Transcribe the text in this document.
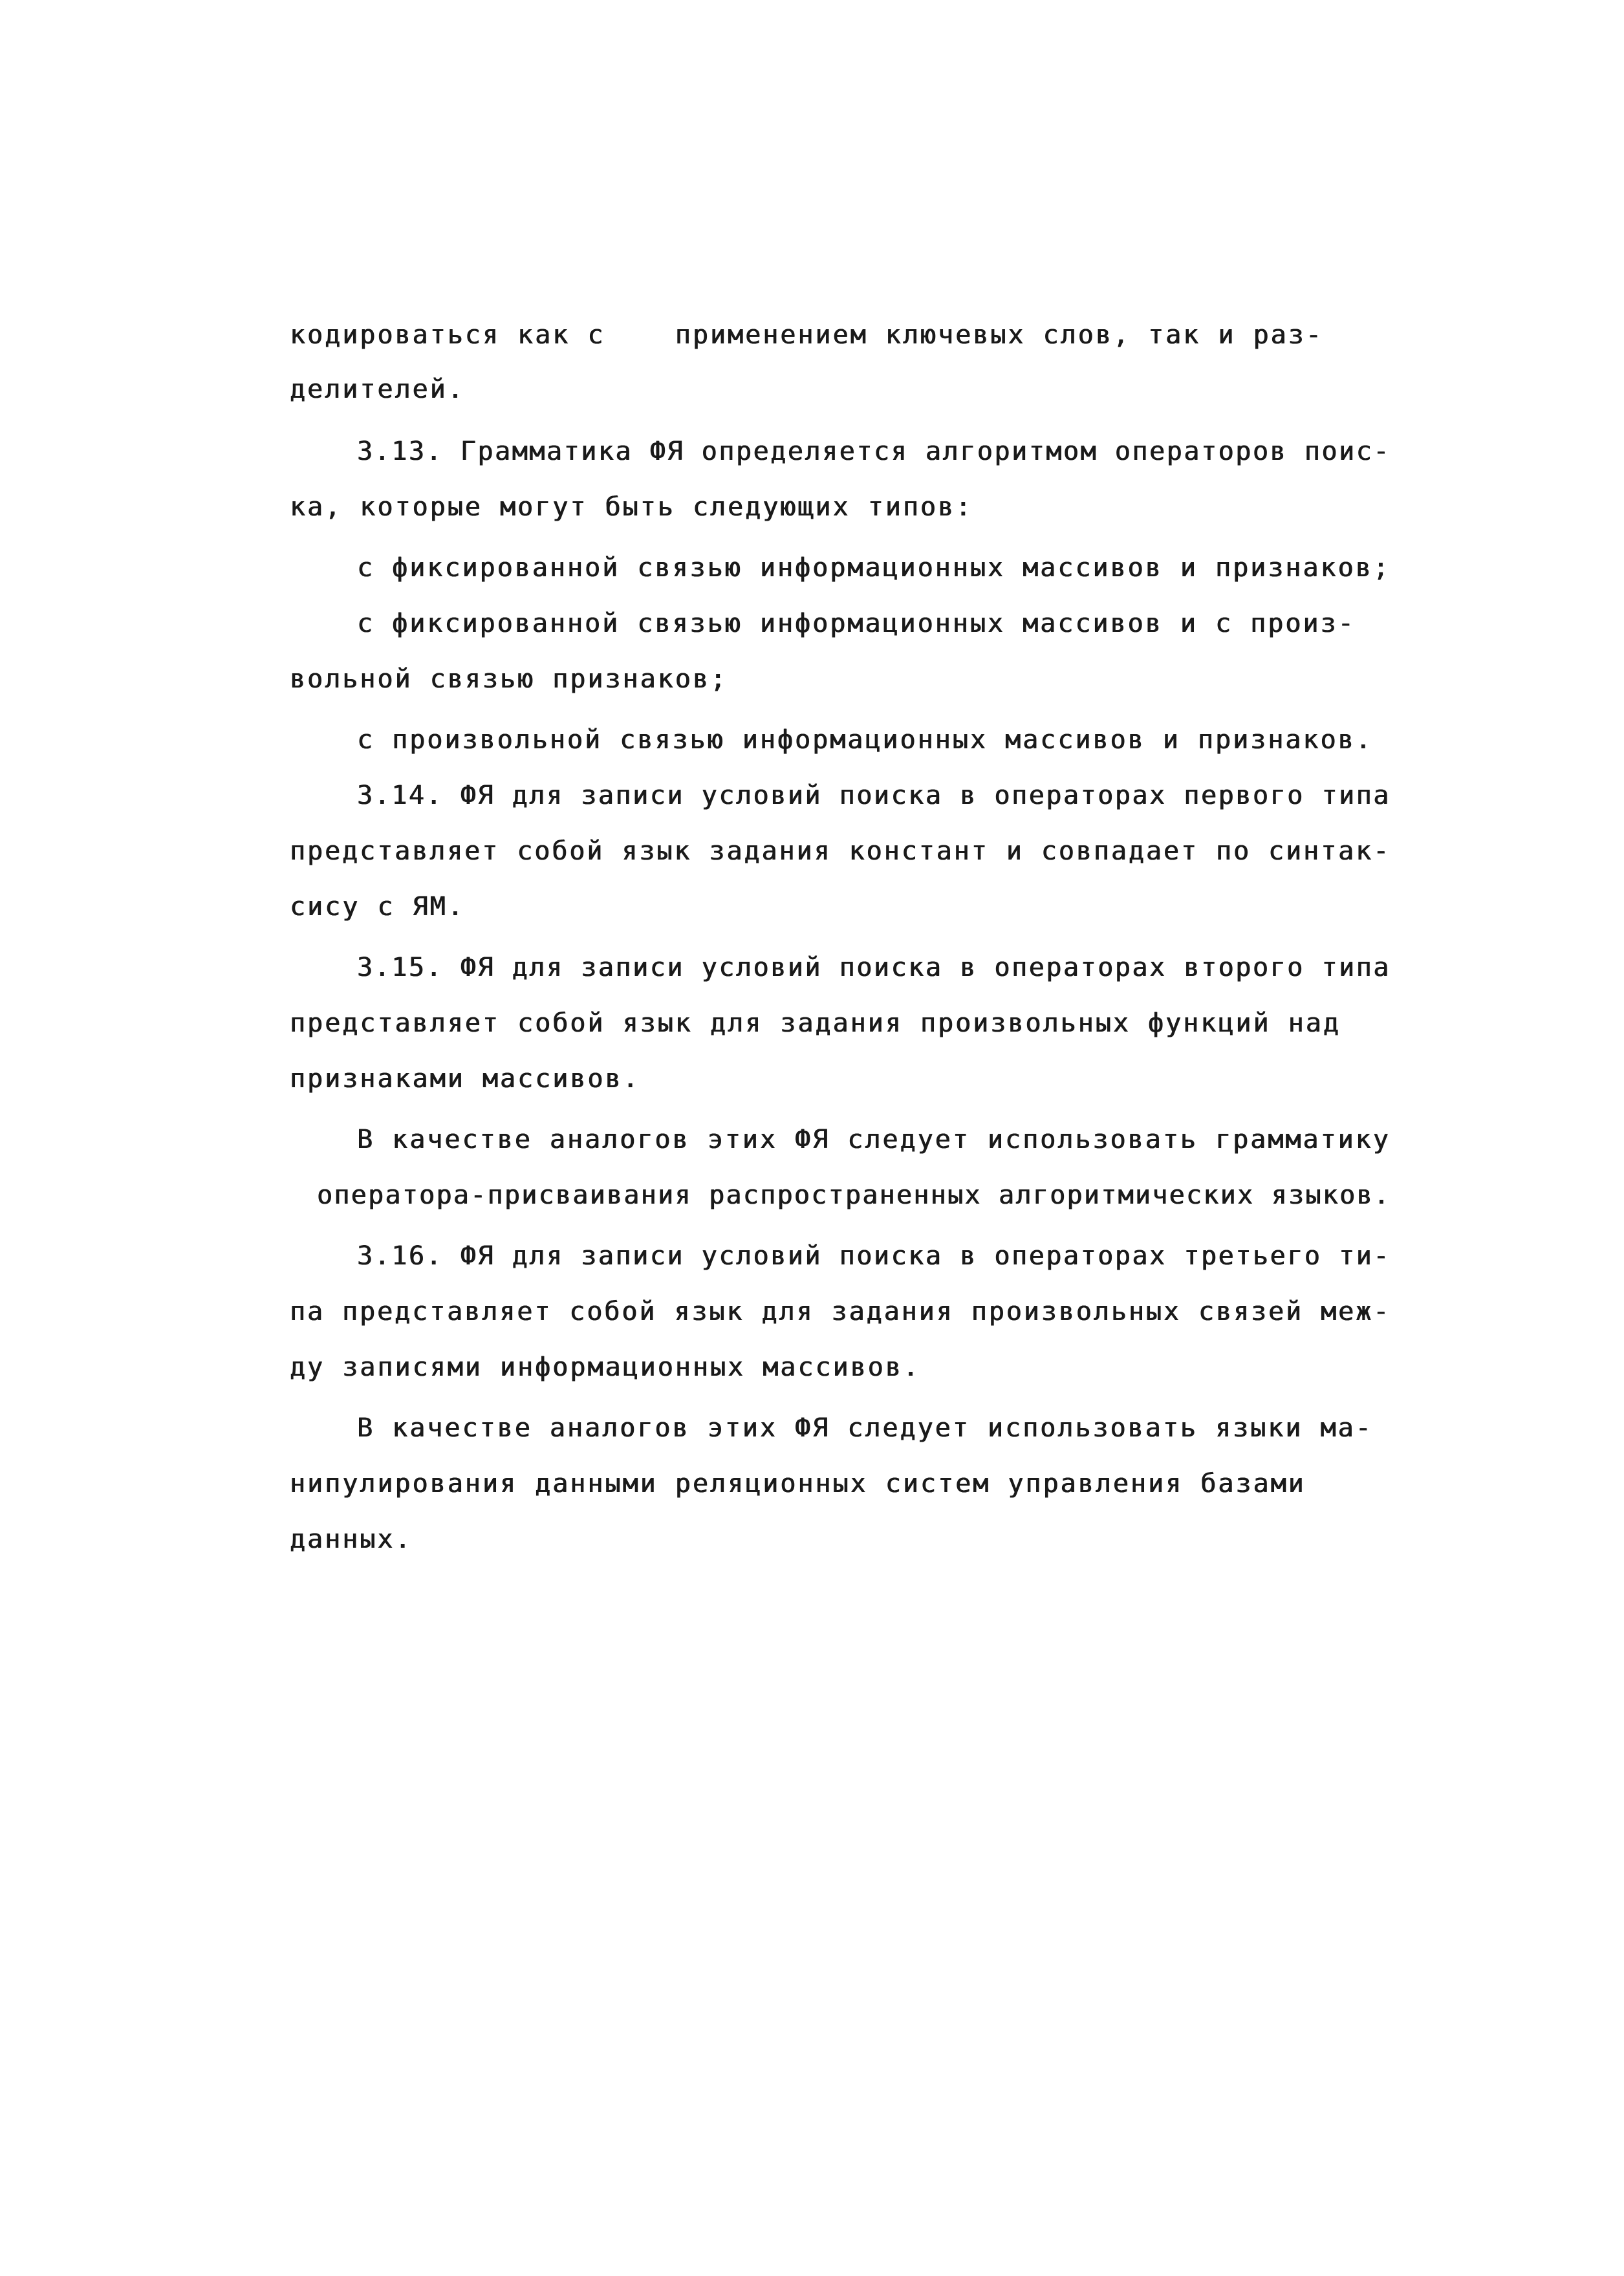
кодироваться как с    применением ключевых слов, так и раз-
делителей.
3.13. Грамматика ФЯ определяется алгоритмом операторов поис-
ка, которые могут быть следующих типов:
с фиксированной связью информационных массивов и признаков;
с фиксированной связью информационных массивов и с произ-
вольной связью признаков;
с произвольной связью информационных массивов и признаков.
3.14. ФЯ для записи условий поиска в операторах первого типа
представляет собой язык задания констант и совпадает по синтак-
сису с ЯМ.
3.15. ФЯ для записи условий поиска в операторах второго типа
представляет собой язык для задания произвольных функций над
признаками массивов.
В качестве аналогов этих ФЯ следует использовать грамматику
оператора-присваивания распространенных алгоритмических языков.
3.16. ФЯ для записи условий поиска в операторах третьего ти-
па представляет собой язык для задания произвольных связей меж-
ду записями информационных массивов.
В качестве аналогов этих ФЯ следует использовать языки ма-
нипулирования данными реляционных систем управления базами
данных.
